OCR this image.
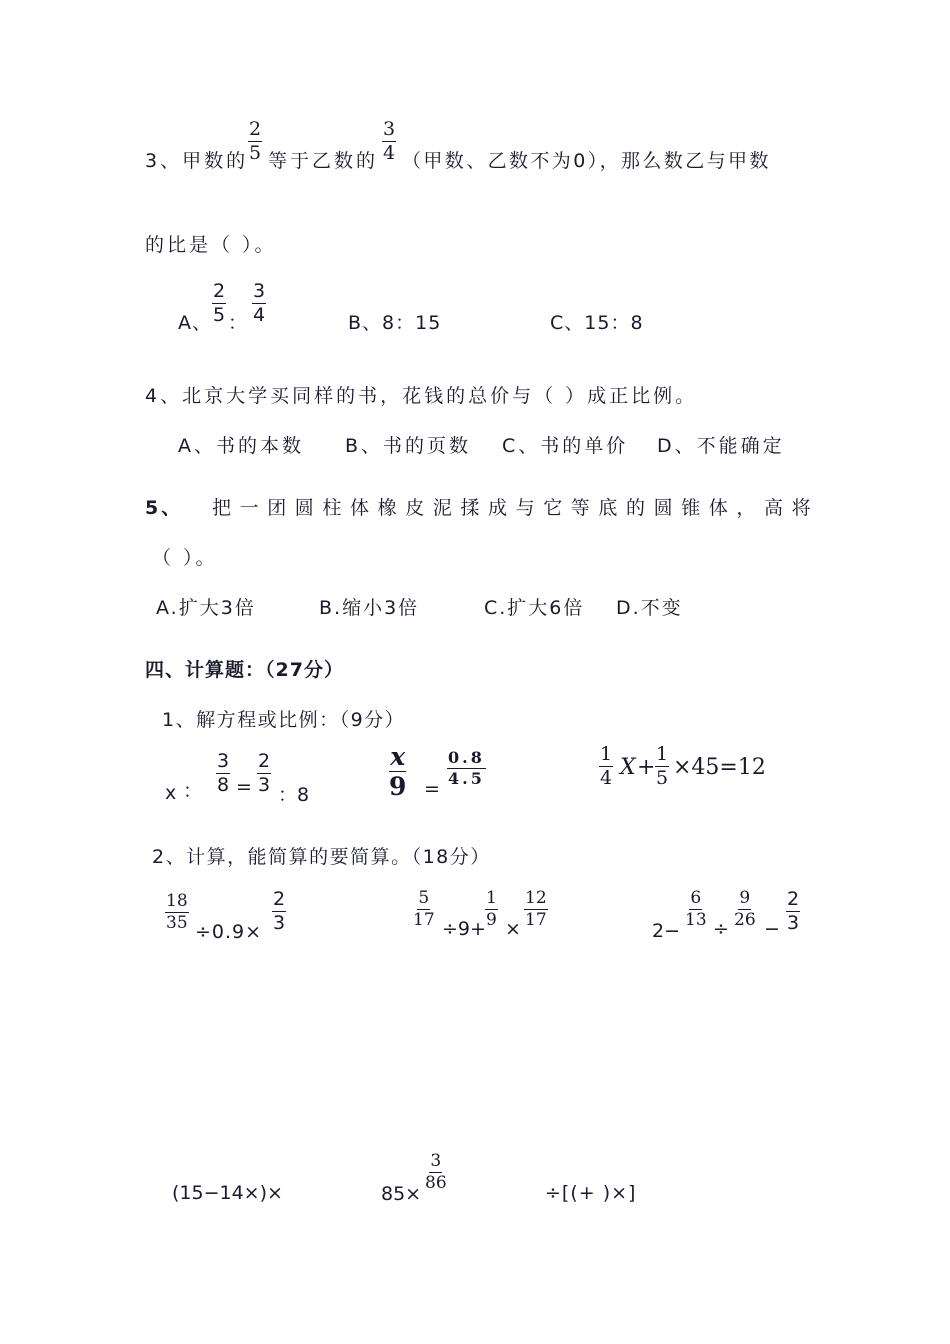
3、甲数的 $\frac{2}{5}$ 等于乙数的 $\frac{3}{4}$ （甲数、乙数不为0），那么数乙与甲数
的比是（ ）。
A、 $\frac{2}{5}$ ： $\frac{3}{4}$	B、8：15	C、15：8
4、北京大学买同样的书，花钱的总价与（ ）成正比例。
A、书的本数 B、书的页数 C、书的单价 D、不能确定
5、 把一团圆柱体橡皮泥揉成与它等底的圆锥体，高将
（ ）。
A.扩大3倍	B.缩小3倍	C.扩大6倍 D.不变
四、计算题：（27分）
1、解方程或比例：（9分）
x ： $\frac{3}{8} = \frac{2}{3}$ ：8	$\frac{x}{9}$ =
$\frac{0.8}{4.5}$	$\frac{1}{4}$ $X + \frac{1}{5} \times 45=12$
2、计算，能简算的要简算。（18分）
$\frac{18}{35} \div 0.9\times \frac{2}{3}$	$\frac{5}{17} \div 9+ \frac{1}{9} \times \frac{12}{17}$
2−
$\frac{6}{13} \div \frac{9}{26} - \frac{2}{3}$
(15−14×)×	85×
$\frac{3}{86}$
÷[(+ )×]
